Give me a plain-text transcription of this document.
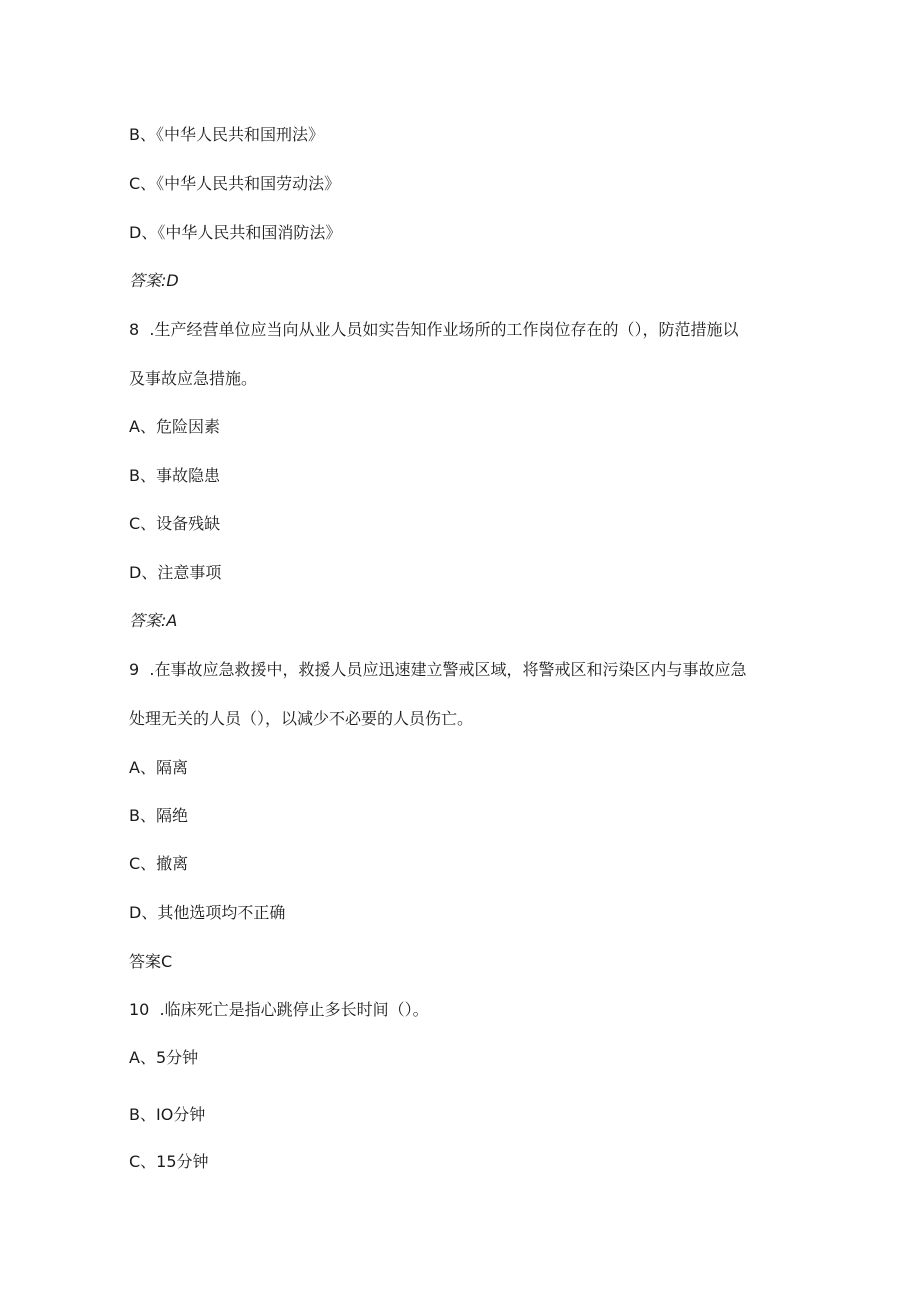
B、《中华人民共和国刑法》
C、《中华人民共和国劳动法》
D、《中华人民共和国消防法》
答案:D
8  .生产经营单位应当向从业人员如实告知作业场所的工作岗位存在的（），防范措施以
及事故应急措施。
A、危险因素
B、事故隐患
C、设备残缺
D、注意事项
答案:A
9  .在事故应急救援中，救援人员应迅速建立警戒区域，将警戒区和污染区内与事故应急
处理无关的人员（），以减少不必要的人员伤亡。
A、隔离
B、隔绝
C、撤离
D、其他选项均不正确
答案C
10  .临床死亡是指心跳停止多长时间（）。
A、5分钟
B、IO分钟
C、15分钟
